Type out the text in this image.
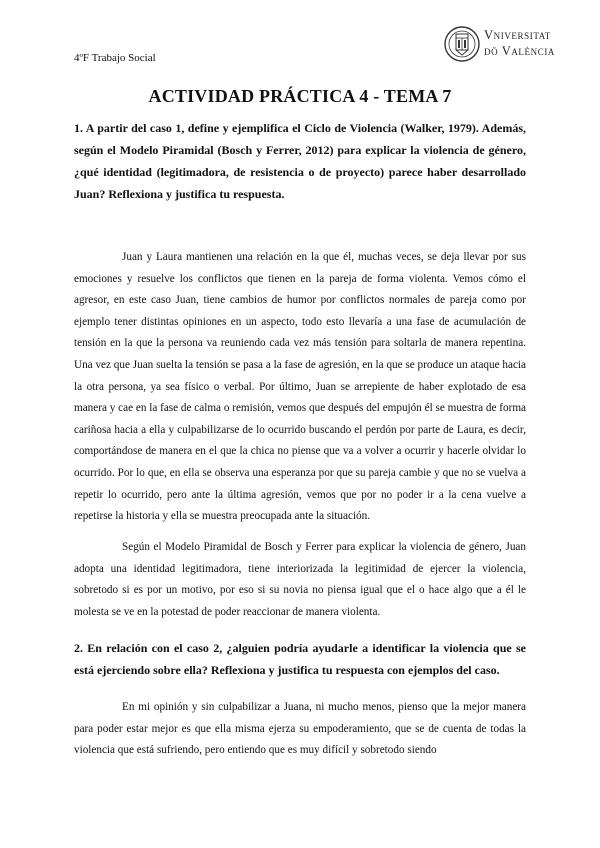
4ºF Trabajo Social
Vniversitat
dö València
ACTIVIDAD PRÁCTICA 4 - TEMA 7
1. A partir del caso 1, define y ejemplifica el Ciclo de Violencia (Walker, 1979). Además, según el Modelo Piramidal (Bosch y Ferrer, 2012) para explicar la violencia de género, ¿qué identidad (legitimadora, de resistencia o de proyecto) parece haber desarrollado Juan? Reflexiona y justifica tu respuesta.
Juan y Laura mantienen una relación en la que él, muchas veces, se deja llevar por sus emociones y resuelve los conflictos que tienen en la pareja de forma violenta. Vemos cómo el agresor, en este caso Juan, tiene cambios de humor por conflictos normales de pareja como por ejemplo tener distintas opiniones en un aspecto, todo esto llevaría a una fase de acumulación de tensión en la que la persona va reuniendo cada vez más tensión para soltarla de manera repentina. Una vez que Juan suelta la tensión se pasa a la fase de agresión, en la que se produce un ataque hacia la otra persona, ya sea físico o verbal. Por último, Juan se arrepiente de haber explotado de esa manera y cae en la fase de calma o remisión, vemos que después del empujón él se muestra de forma cariñosa hacia a ella y culpabilizarse de lo ocurrido buscando el perdón por parte de Laura, es decir, comportándose de manera en el que la chica no piense que va a volver a ocurrir y hacerle olvidar lo ocurrido. Por lo que, en ella se observa una esperanza por que su pareja cambie y que no se vuelva a repetir lo ocurrido, pero ante la última agresión, vemos que por no poder ir a la cena vuelve a repetirse la historia y ella se muestra preocupada ante la situación.
Según el Modelo Piramidal de Bosch y Ferrer para explicar la violencia de género, Juan adopta una identidad legitimadora, tiene interiorizada la legitimidad de ejercer la violencia, sobretodo si es por un motivo, por eso si su novia no piensa igual que el o hace algo que a él le molesta se ve en la potestad de poder reaccionar de manera violenta.
2. En relación con el caso 2, ¿alguien podría ayudarle a identificar la violencia que se está ejerciendo sobre ella? Reflexiona y justifica tu respuesta con ejemplos del caso.
En mi opinión y sin culpabilizar a Juana, ni mucho menos, pienso que la mejor manera para poder estar mejor es que ella misma ejerza su empoderamiento, que se de cuenta de todas la violencia que está sufriendo, pero entiendo que es muy difícil y sobretodo siendo
